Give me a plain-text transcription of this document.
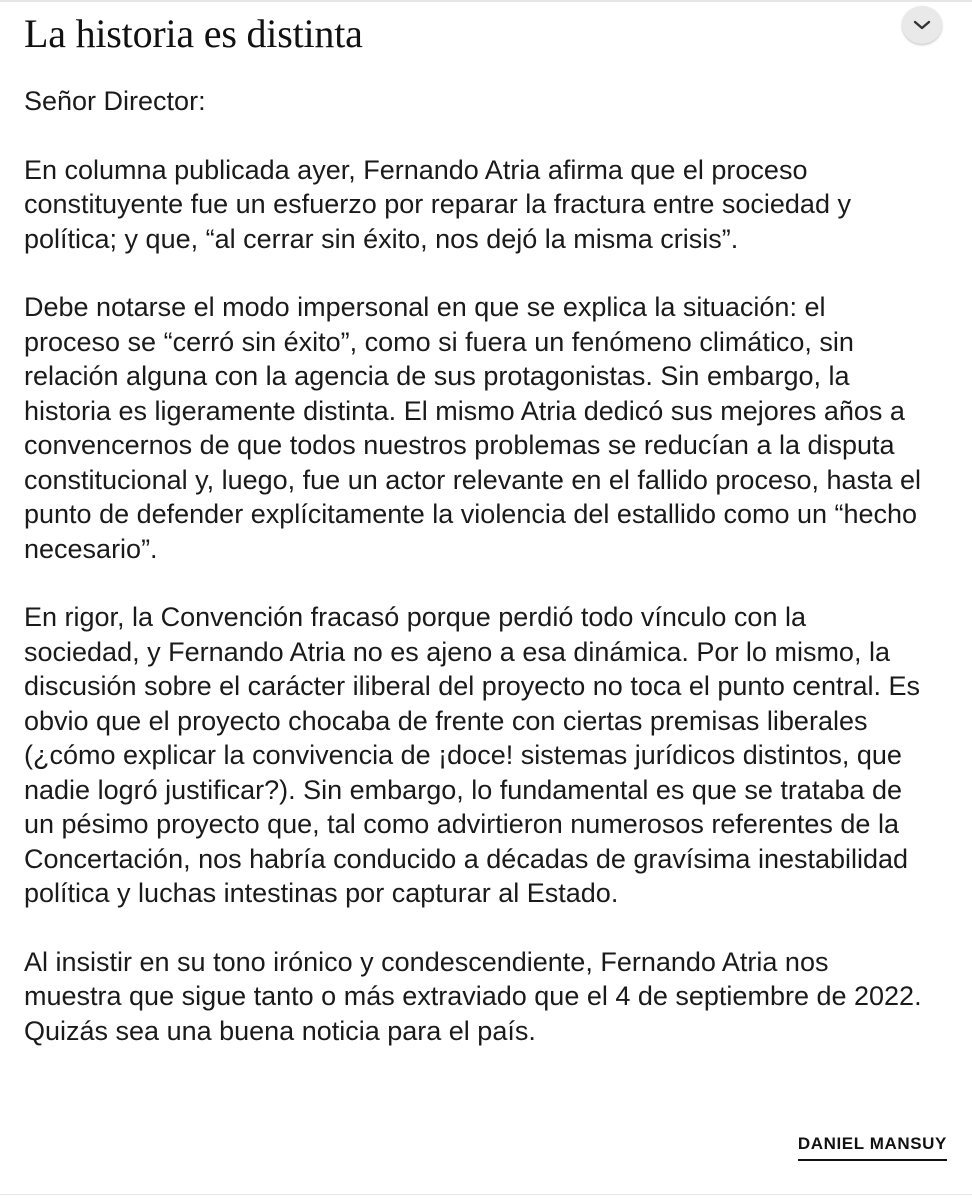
La historia es distinta

Señor Director:

En columna publicada ayer, Fernando Atria afirma que el proceso constituyente fue un esfuerzo por reparar la fractura entre sociedad y política; y que, “al cerrar sin éxito, nos dejó la misma crisis”.

Debe notarse el modo impersonal en que se explica la situación: el proceso se “cerró sin éxito”, como si fuera un fenómeno climático, sin relación alguna con la agencia de sus protagonistas. Sin embargo, la historia es ligeramente distinta. El mismo Atria dedicó sus mejores años a convencernos de que todos nuestros problemas se reducían a la disputa constitucional y, luego, fue un actor relevante en el fallido proceso, hasta el punto de defender explícitamente la violencia del estallido como un “hecho necesario”.

En rigor, la Convención fracasó porque perdió todo vínculo con la sociedad, y Fernando Atria no es ajeno a esa dinámica. Por lo mismo, la discusión sobre el carácter iliberal del proyecto no toca el punto central. Es obvio que el proyecto chocaba de frente con ciertas premisas liberales (¿cómo explicar la convivencia de ¡doce! sistemas jurídicos distintos, que nadie logró justificar?). Sin embargo, lo fundamental es que se trataba de un pésimo proyecto que, tal como advirtieron numerosos referentes de la Concertación, nos habría conducido a décadas de gravísima inestabilidad política y luchas intestinas por capturar al Estado.

Al insistir en su tono irónico y condescendiente, Fernando Atria nos muestra que sigue tanto o más extraviado que el 4 de septiembre de 2022. Quizás sea una buena noticia para el país.

DANIEL MANSUY
